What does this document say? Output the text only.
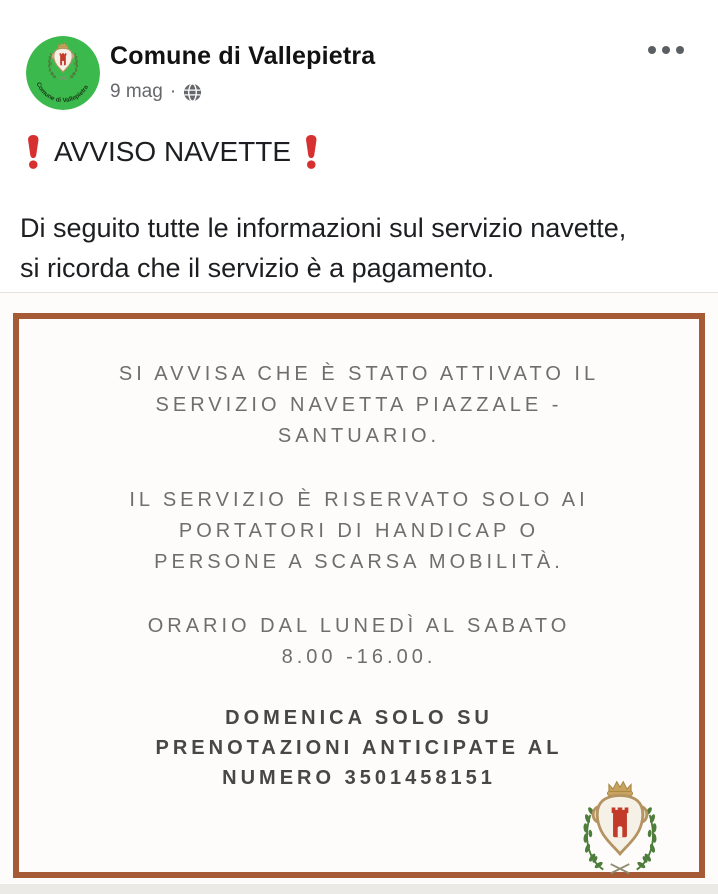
Comune di Vallepietra
Comune di Vallepietra
9 mag ·
AVVISO NAVETTE
Di seguito tutte le informazioni sul servizio navette,
si ricorda che il servizio è a pagamento.
SI AVVISA CHE È STATO ATTIVATO IL
SERVIZIO NAVETTA PIAZZALE -
SANTUARIO.
IL SERVIZIO È RISERVATO SOLO AI
PORTATORI DI HANDICAP O
PERSONE A SCARSA MOBILITÀ.
ORARIO DAL LUNEDÌ AL SABATO
8.00 -16.00.
DOMENICA SOLO SU
PRENOTAZIONI ANTICIPATE AL
NUMERO 3501458151
